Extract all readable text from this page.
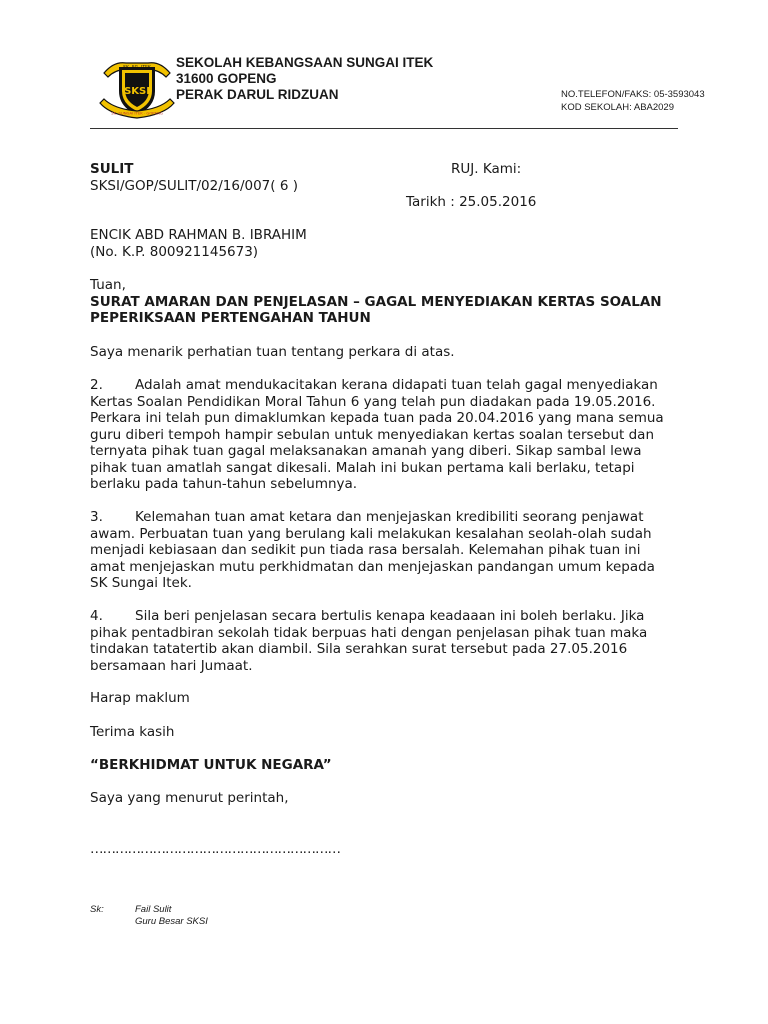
SKSI
SK. SUNGAI ITEK · GOPENG
SEKOLAH KEBANGSAAN SUNGAI ITEK
31600 GOPENG
PERAK DARUL RIDZUAN	NO.TELEFON/FAKS: 05-3593043
KOD SEKOLAH: ABA2029
SULIT	RUJ. Kami:
SKSI/GOP/SULIT/02/16/007( 6 )
Tarikh : 25.05.2016
ENCIK ABD RAHMAN B. IBRAHIM
(No. K.P. 800921145673)
Tuan,
SURAT AMARAN DAN PENJELASAN – GAGAL MENYEDIAKAN KERTAS SOALAN
PEPERIKSAAN PERTENGAHAN TAHUN
Saya menarik perhatian tuan tentang perkara di atas.
2. Adalah amat mendukacitakan kerana didapati tuan telah gagal menyediakan
Kertas Soalan Pendidikan Moral Tahun 6 yang telah pun diadakan pada 19.05.2016.
Perkara ini telah pun dimaklumkan kepada tuan pada 20.04.2016 yang mana semua
guru diberi tempoh hampir sebulan untuk menyediakan kertas soalan tersebut dan
ternyata pihak tuan gagal melaksanakan amanah yang diberi. Sikap sambal lewa
pihak tuan amatlah sangat dikesali. Malah ini bukan pertama kali berlaku, tetapi
berlaku pada tahun-tahun sebelumnya.
3. Kelemahan tuan amat ketara dan menjejaskan kredibiliti seorang penjawat
awam. Perbuatan tuan yang berulang kali melakukan kesalahan seolah-olah sudah
menjadi kebiasaan dan sedikit pun tiada rasa bersalah. Kelemahan pihak tuan ini
amat menjejaskan mutu perkhidmatan dan menjejaskan pandangan umum kepada
SK Sungai Itek.
4. Sila beri penjelasan secara bertulis kenapa keadaaan ini boleh berlaku. Jika
pihak pentadbiran sekolah tidak berpuas hati dengan penjelasan pihak tuan maka
tindakan tatatertib akan diambil. Sila serahkan surat tersebut pada 27.05.2016
bersamaan hari Jumaat.
Harap maklum
Terima kasih
“BERKHIDMAT UNTUK NEGARA”
Saya yang menurut perintah,
……………………………………………………
Sk:	Fail Sulit
Guru Besar SKSI
